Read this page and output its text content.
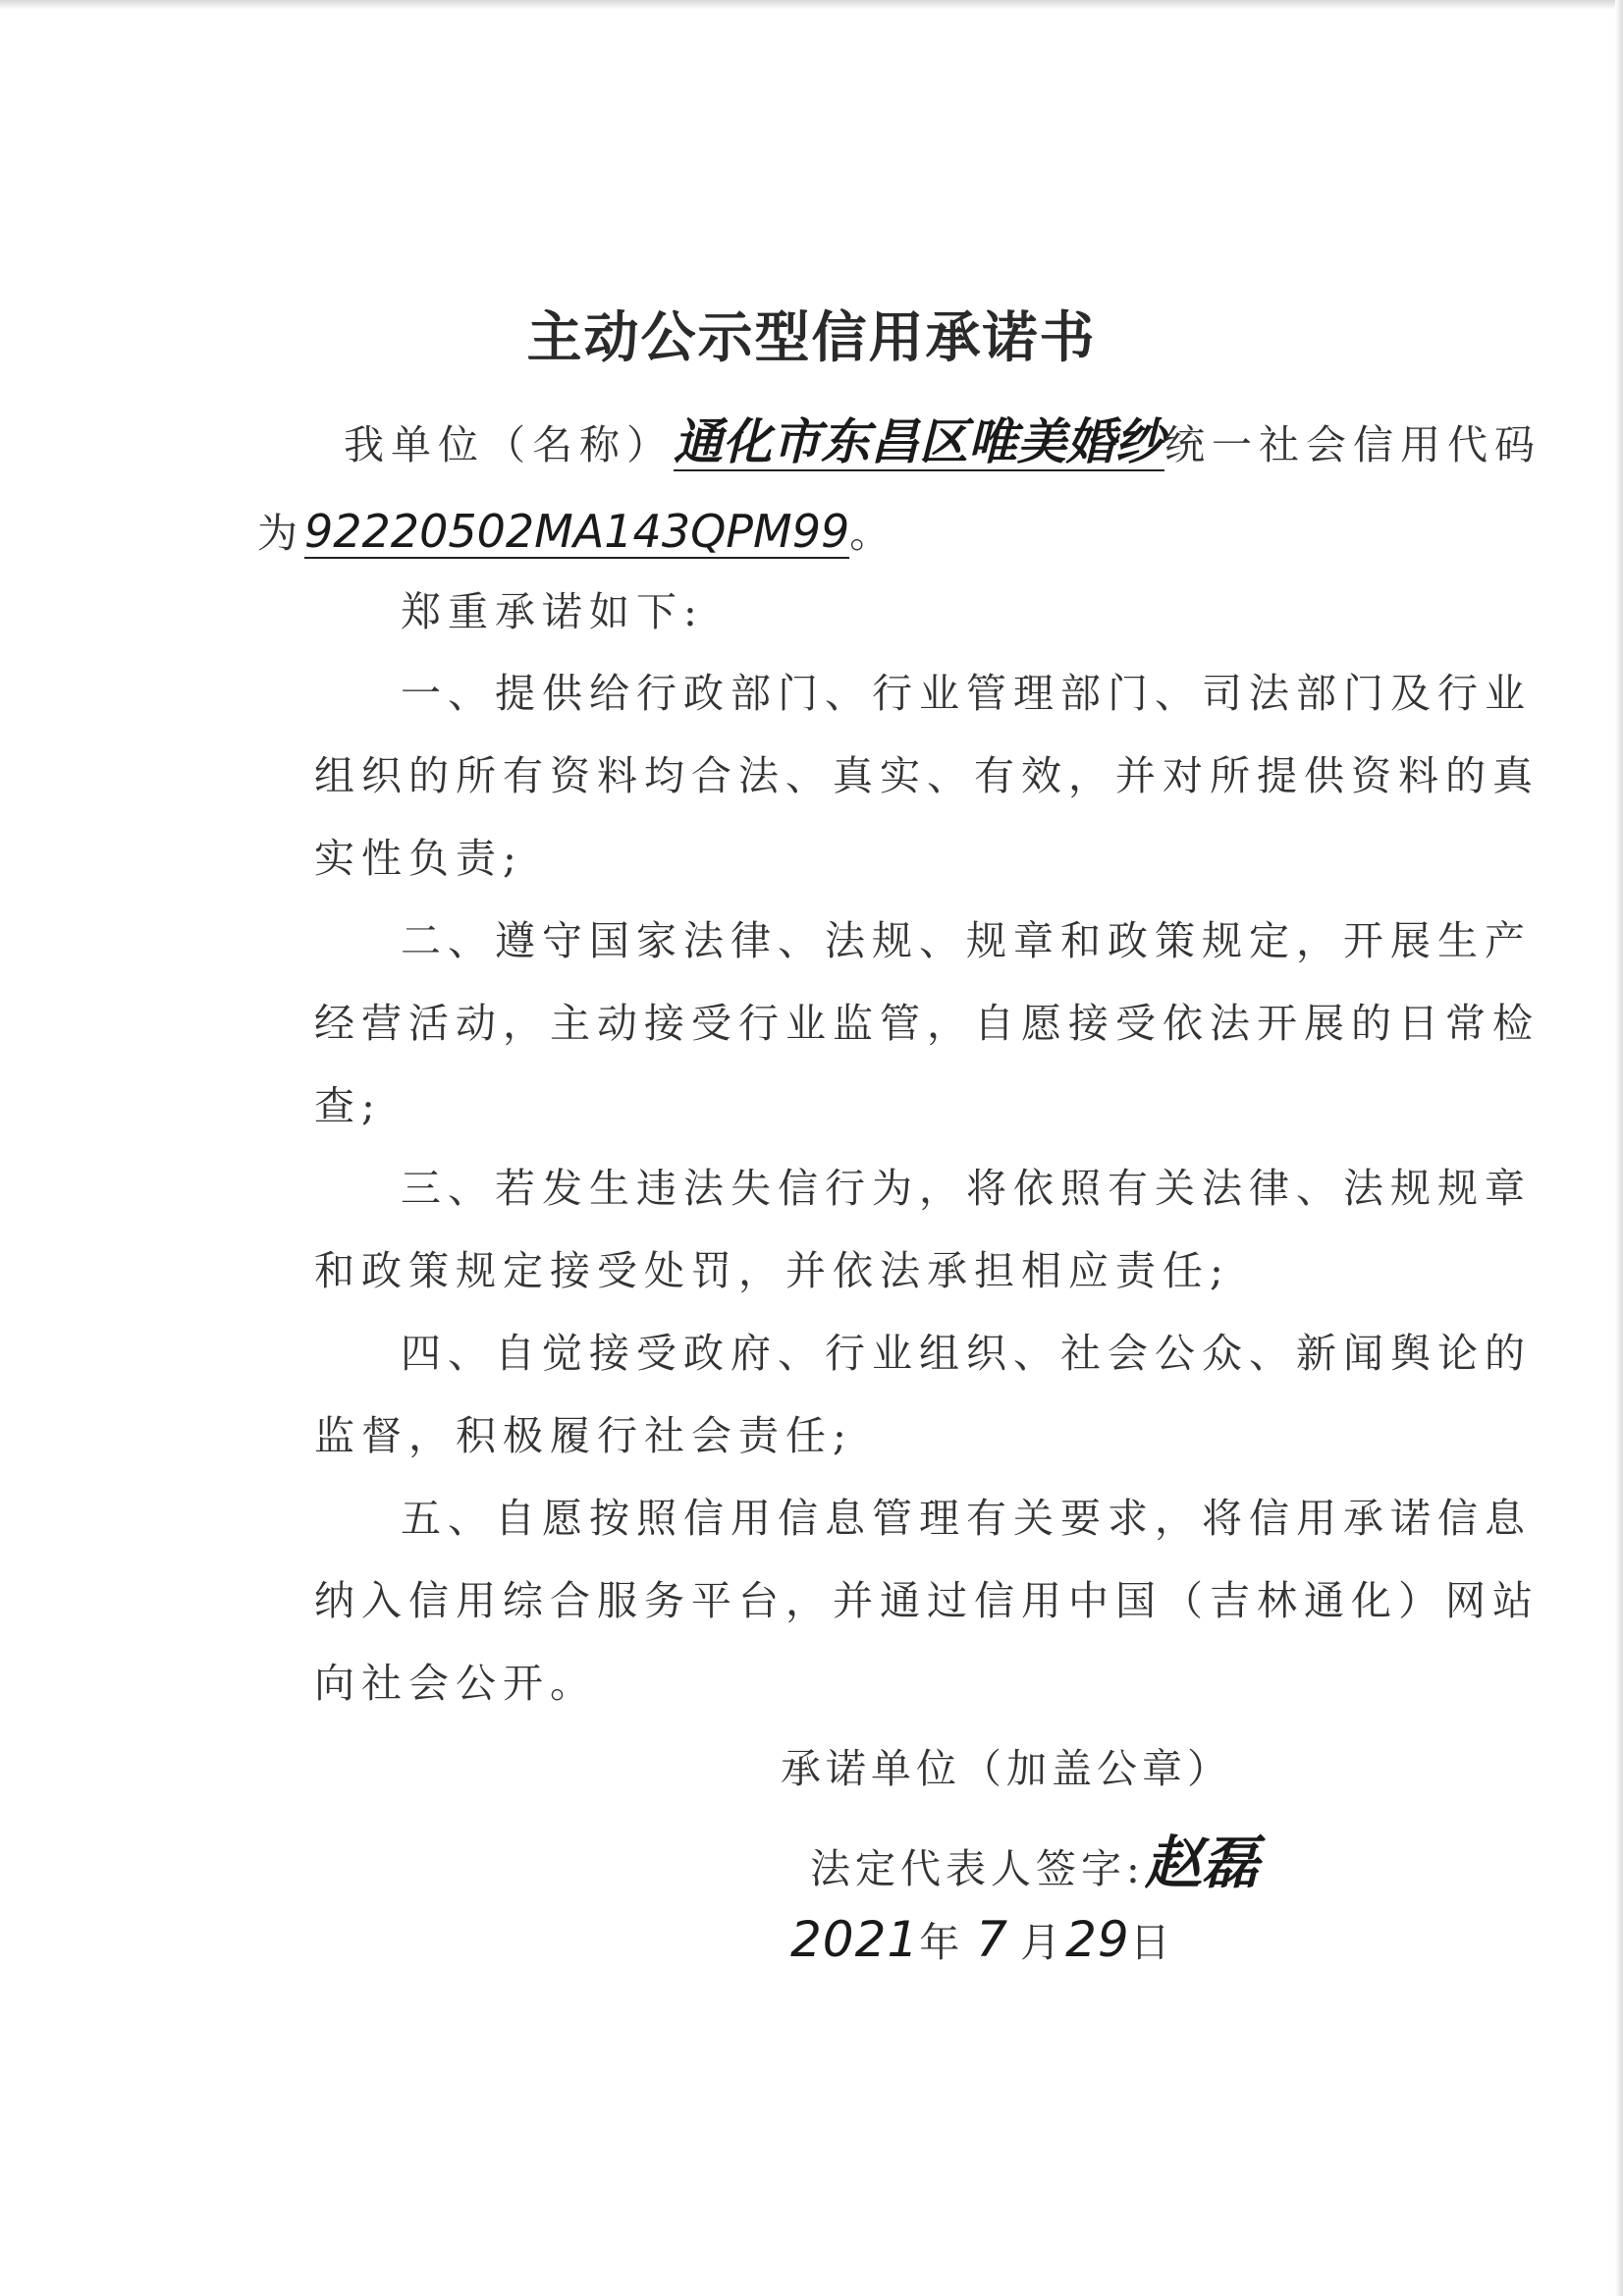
主动公示型信用承诺书
我单位（名称）通化市东昌区唯美婚纱统一社会信用代码
为92220502MA143QPM99。
郑重承诺如下:
一、提供给行政部门、行业管理部门、司法部门及行业
组织的所有资料均合法、真实、有效，并对所提供资料的真
实性负责;
二、遵守国家法律、法规、规章和政策规定，开展生产
经营活动，主动接受行业监管，自愿接受依法开展的日常检
查;
三、若发生违法失信行为，将依照有关法律、法规规章
和政策规定接受处罚，并依法承担相应责任;
四、自觉接受政府、行业组织、社会公众、新闻舆论的
监督，积极履行社会责任;
五、自愿按照信用信息管理有关要求，将信用承诺信息
纳入信用综合服务平台，并通过信用中国（吉林通化）网站
向社会公开。
承诺单位（加盖公章）
法定代表人签字:赵磊
2021年 7 月29日
